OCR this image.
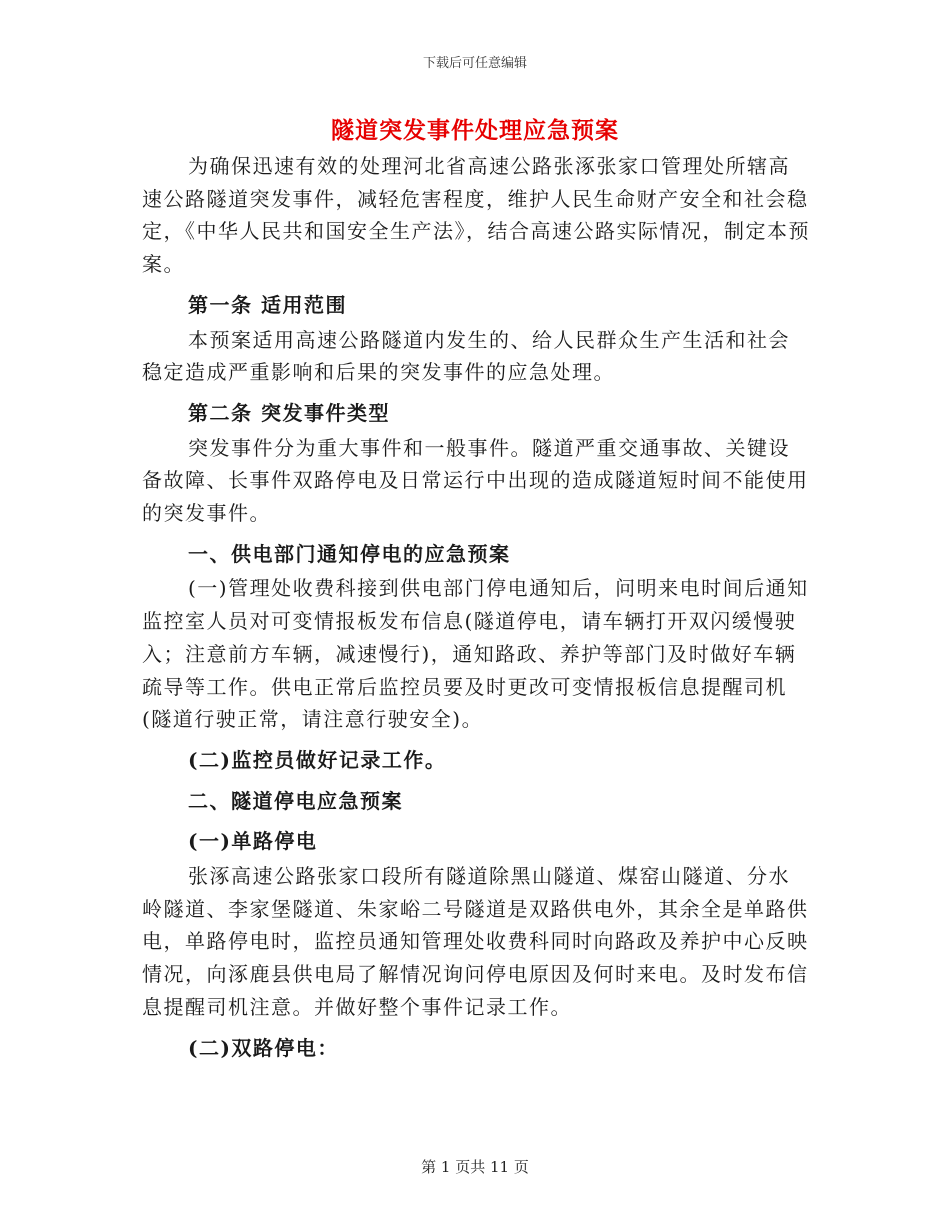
下载后可任意编辑
隧道突发事件处理应急预案

为确保迅速有效的处理河北省高速公路张涿张家口管理处所辖高速公路隧道突发事件，减轻危害程度，维护人民生命财产安全和社会稳定，《中华人民共和国安全生产法》，结合高速公路实际情况，制定本预案。

第一条 适用范围

本预案适用高速公路隧道内发生的、给人民群众生产生活和社会稳定造成严重影响和后果的突发事件的应急处理。

第二条 突发事件类型

突发事件分为重大事件和一般事件。隧道严重交通事故、关键设备故障、长事件双路停电及日常运行中出现的造成隧道短时间不能使用的突发事件。

一、供电部门通知停电的应急预案

(一)管理处收费科接到供电部门停电通知后，问明来电时间后通知监控室人员对可变情报板发布信息(隧道停电，请车辆打开双闪缓慢驶入；注意前方车辆，减速慢行)，通知路政、养护等部门及时做好车辆疏导等工作。供电正常后监控员要及时更改可变情报板信息提醒司机(隧道行驶正常，请注意行驶安全)。

(二)监控员做好记录工作。

二、隧道停电应急预案

(一)单路停电

张涿高速公路张家口段所有隧道除黑山隧道、煤窑山隧道、分水岭隧道、李家堡隧道、朱家峪二号隧道是双路供电外，其余全是单路供电，单路停电时，监控员通知管理处收费科同时向路政及养护中心反映情况，向涿鹿县供电局了解情况询问停电原因及何时来电。及时发布信息提醒司机注意。并做好整个事件记录工作。

(二)双路停电：

第 1 页共 11 页
